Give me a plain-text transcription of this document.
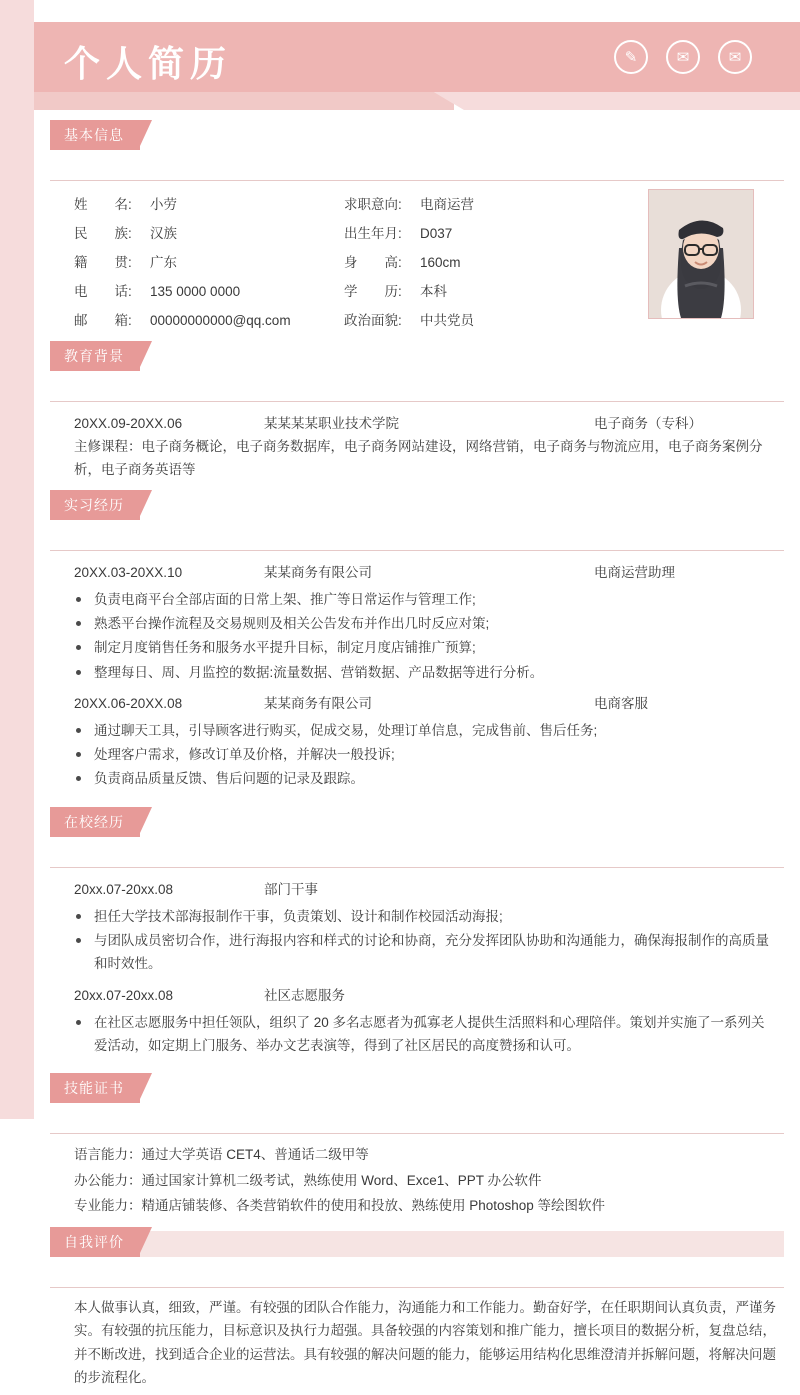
个人简历	✎	✉	✉
基本信息
姓　　名: 小劳	求职意向: 电商运营
民　　族: 汉族	出生年月: D037
籍　　贯: 广东	身　　高: 160cm
电　　话: 135 0000 0000	学　　历: 本科
邮　　箱: 00000000000@qq.com	政治面貌: 中共党员
教育背景
20XX.09-20XX.06	某某某某职业技术学院	电子商务（专科）
主修课程：电子商务概论，电子商务数据库，电子商务网站建设，网络营销，电子商务与物流应用，电子商务案例分析，电子商务英语等
实习经历
20XX.03-20XX.10	某某商务有限公司	电商运营助理
负责电商平台全部店面的日常上架、推广等日常运作与管理工作;
熟悉平台操作流程及交易规则及相关公告发布并作出几时反应对策;
制定月度销售任务和服务水平提升目标，制定月度店铺推广预算;
整理每日、周、月监控的数据:流量数据、营销数据、产品数据等进行分析。
20XX.06-20XX.08	某某商务有限公司	电商客服
通过聊天工具，引导顾客进行购买，促成交易，处理订单信息，完成售前、售后任务;
处理客户需求，修改订单及价格，并解决一般投诉;
负责商品质量反馈、售后问题的记录及跟踪。
在校经历
20xx.07-20xx.08	部门干事
担任大学技术部海报制作干事，负责策划、设计和制作校园活动海报;
与团队成员密切合作，进行海报内容和样式的讨论和协商，充分发挥团队协助和沟通能力，确保海报制作的高质量和时效性。
20xx.07-20xx.08	社区志愿服务
在社区志愿服务中担任领队，组织了 20 多名志愿者为孤寡老人提供生活照料和心理陪伴。策划并实施了一系列关爱活动，如定期上门服务、举办文艺表演等，得到了社区居民的高度赞扬和认可。
技能证书
语言能力：通过大学英语 CET4、普通话二级甲等
办公能力：通过国家计算机二级考试，熟练使用 Word、Exce1、PPT 办公软件
专业能力：精通店铺装修、各类营销软件的使用和投放、熟练使用 Photoshop 等绘图软件
自我评价

本人做事认真，细致，严谨。有较强的团队合作能力，沟通能力和工作能力。勤奋好学，在任职期间认真负责，严谨务实。有较强的抗压能力，目标意识及执行力超强。具备较强的内容策划和推广能力，擅长项目的数据分析，复盘总结，并不断改进，找到适合企业的运营法。具有较强的解决问题的能力，能够运用结构化思维澄清并拆解问题，将解决问题的步流程化。
